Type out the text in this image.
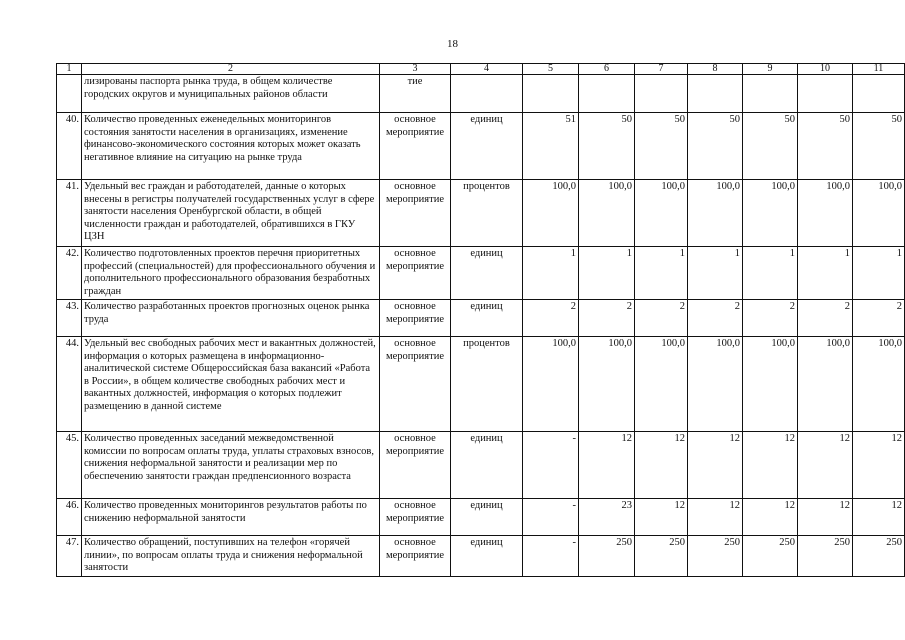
18
1	2	3	4	5	6	7	8	9	10	11
	лизированы паспорта рынка труда, в общем количестве городских округов и муниципальных районов области	тие								
40.	Количество проведенных еженедельных мониторингов состояния занятости населения в организациях, изменение финансово-экономического состояния которых может оказать негативное влияние на ситуацию на рынке труда	основное мероприятие	единиц	51	50	50	50	50	50	50
41.	Удельный вес граждан и работодателей, данные о которых внесены в регистры получателей государственных услуг в сфере занятости населения Оренбургской области, в общей численности граждан и работодателей, обратившихся в ГКУ ЦЗН	основное мероприятие	процентов	100,0	100,0	100,0	100,0	100,0	100,0	100,0
42.	Количество подготовленных проектов перечня приоритетных профессий (специальностей) для профессионального обучения и дополнительного профессионального образования безработных граждан	основное мероприятие	единиц	1	1	1	1	1	1	1
43.	Количество разработанных проектов прогнозных оценок рынка труда	основное мероприятие	единиц	2	2	2	2	2	2	2
44.	Удельный вес свободных рабочих мест и вакантных должностей, информация о которых размещена в информационно-аналитической системе Общероссийская база вакансий «Работа в России», в общем количестве свободных рабочих мест и вакантных должностей, информация о которых подлежит размещению в данной системе	основное мероприятие	процентов	100,0	100,0	100,0	100,0	100,0	100,0	100,0
45.	Количество проведенных заседаний межведомственной комиссии по вопросам оплаты труда, уплаты страховых взносов, снижения неформальной занятости и реализации мер по обеспечению занятости граждан предпенсионного возраста	основное мероприятие	единиц	-	12	12	12	12	12	12
46.	Количество проведенных мониторингов результатов работы по снижению неформальной занятости	основное мероприятие	единиц	-	23	12	12	12	12	12
47.	Количество обращений, поступивших на телефон «горячей линии», по вопросам оплаты труда и снижения неформальной занятости	основное мероприятие	единиц	-	250	250	250	250	250	250
